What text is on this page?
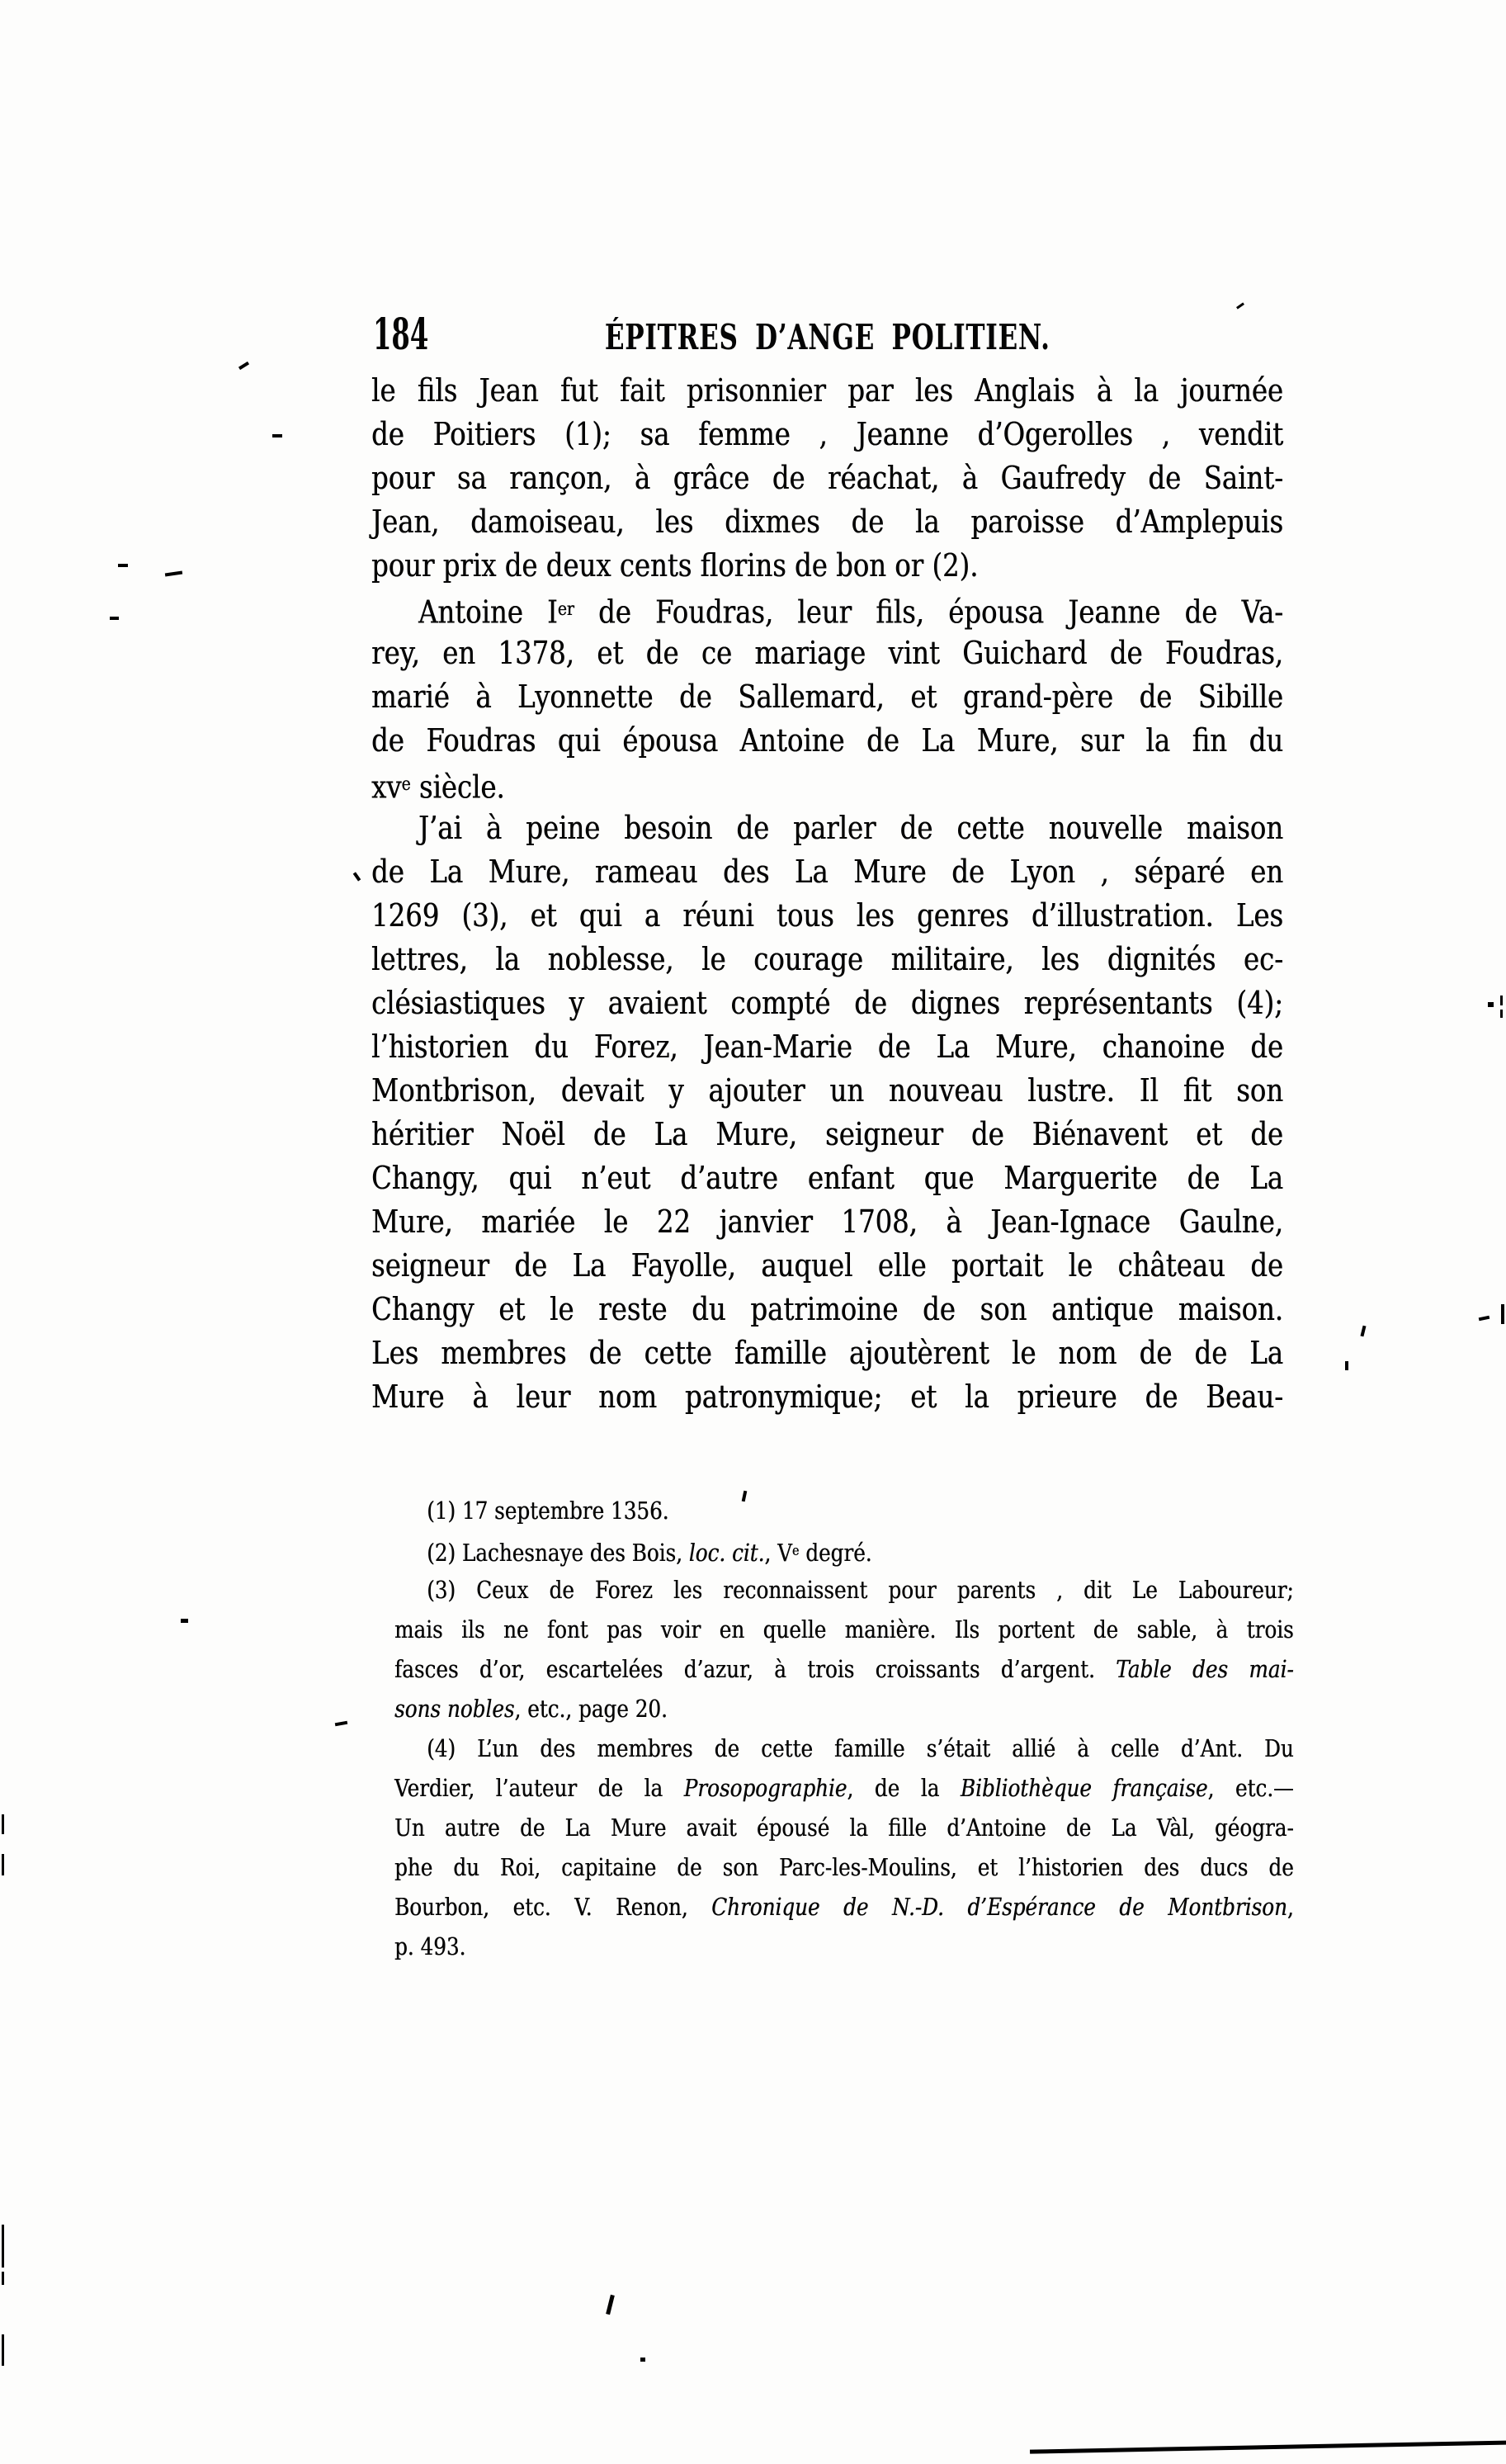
184	ÉPITRES D’ANGE POLITIEN.
le fils Jean fut fait prisonnier par les Anglais à la journée
de Poitiers (1); sa femme , Jeanne d’Ogerolles , vendit
pour sa rançon, à grâce de réachat, à Gaufredy de Saint-
Jean, damoiseau, les dixmes de la paroisse d’Amplepuis
pour prix de deux cents florins de bon or (2).
Antoine Ier de Foudras, leur fils, épousa Jeanne de Va-
rey, en 1378, et de ce mariage vint Guichard de Foudras,
marié à Lyonnette de Sallemard, et grand-père de Sibille
de Foudras qui épousa Antoine de La Mure, sur la fin du
$xv^e$ siècle.
J’ai à peine besoin de parler de cette nouvelle maison
de La Mure, rameau des La Mure de Lyon , séparé en
1269 (3), et qui a réuni tous les genres d’illustration. Les
lettres, la noblesse, le courage militaire, les dignités ec-
clésiastiques y avaient compté de dignes représentants (4);
l’historien du Forez, Jean-Marie de La Mure, chanoine de
Montbrison, devait y ajouter un nouveau lustre. Il fit son
héritier Noël de La Mure, seigneur de Biénavent et de
Changy, qui n’eut d’autre enfant que Marguerite de La
Mure, mariée le 22 janvier 1708, à Jean-Ignace Gaulne,
seigneur de La Fayolle, auquel elle portait le château de
Changy et le reste du patrimoine de son antique maison.
Les membres de cette famille ajoutèrent le nom de de La
Mure à leur nom patronymique; et la prieure de Beau-
(1) 17 septembre 1356.
(2) Lachesnaye des Bois, loc. cit., Ve degré.
(3) Ceux de Forez les reconnaissent pour parents , dit Le Laboureur;
mais ils ne font pas voir en quelle manière. Ils portent de sable, à trois
fasces d’or, escartelées d’azur, à trois croissants d’argent. Table des mai-
sons nobles, etc., page 20.
(4) L’un des membres de cette famille s’était allié à celle d’Ant. Du
Verdier, l’auteur de la Prosopographie, de la Bibliothèque française, etc.—
Un autre de La Mure avait épousé la fille d’Antoine de La Vàl, géogra-
phe du Roi, capitaine de son Parc-les-Moulins, et l’historien des ducs de
Bourbon, etc. V. Renon, Chronique de N.-D. d’Espérance de Montbrison,
p. 493.
